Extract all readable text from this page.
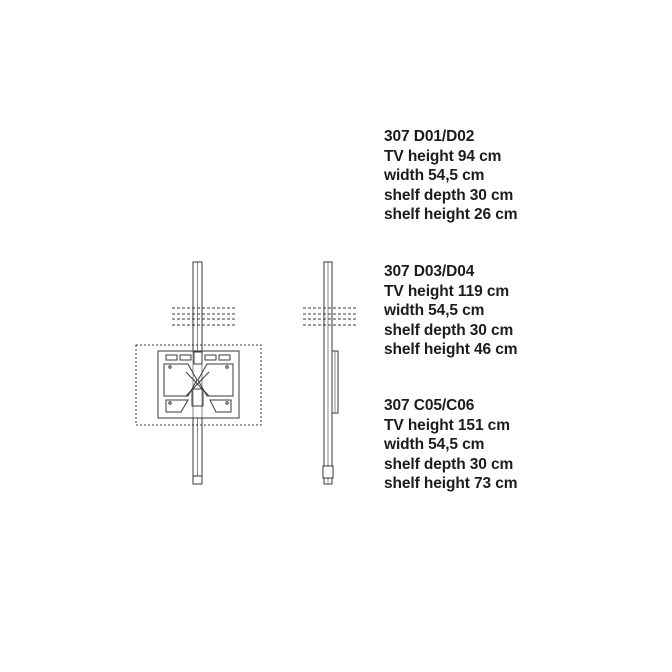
307 D01/D02
TV height 94 cm
width 54,5 cm
shelf depth 30 cm
shelf height 26 cm
307 D03/D04
TV height 119 cm
width 54,5 cm
shelf depth 30 cm
shelf height 46 cm
307 C05/C06
TV height 151 cm
width 54,5 cm
shelf depth 30 cm
shelf height 73 cm
